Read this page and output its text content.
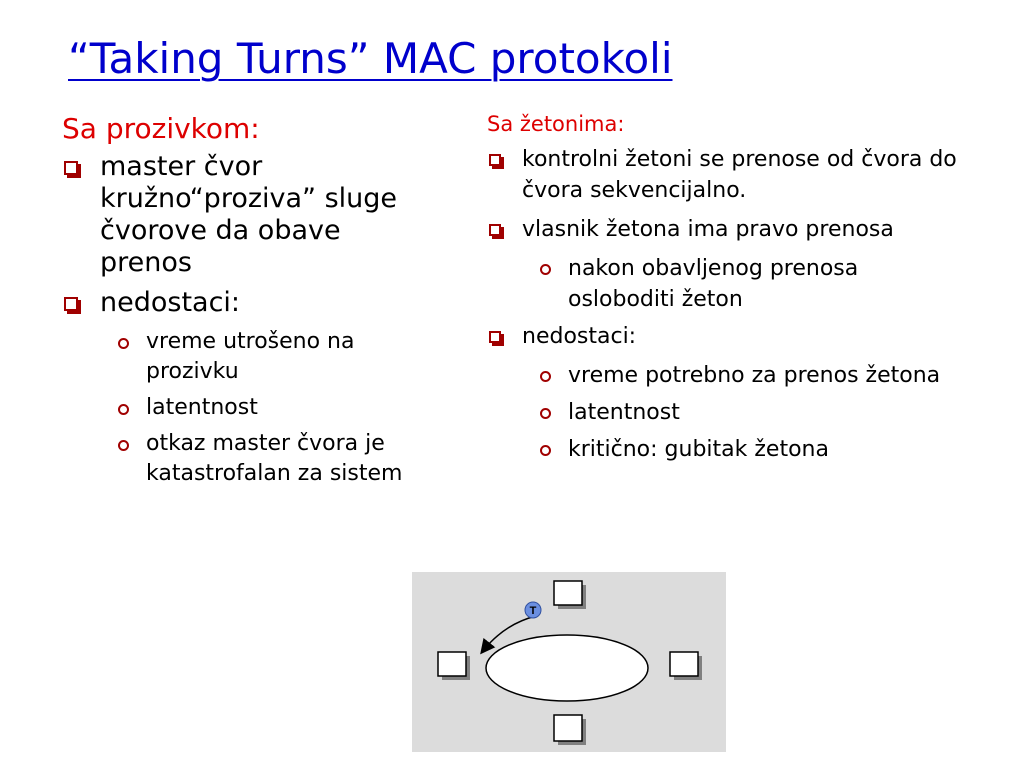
“Taking Turns” MAC protokoli
Sa prozivkom:
master čvor kružno“proziva” sluge čvorove da obave prenos
nedostaci:
vreme utrošeno na prozivku
latentnost
otkaz master čvora je katastrofalan za sistem
Sa žetonima:
kontrolni žetoni se prenose od čvora do čvora sekvencijalno.
vlasnik žetona ima pravo prenosa
nakon obavljenog prenosa osloboditi žeton
nedostaci:
vreme potrebno za prenos žetona
latentnost
kritično: gubitak žetona
T
